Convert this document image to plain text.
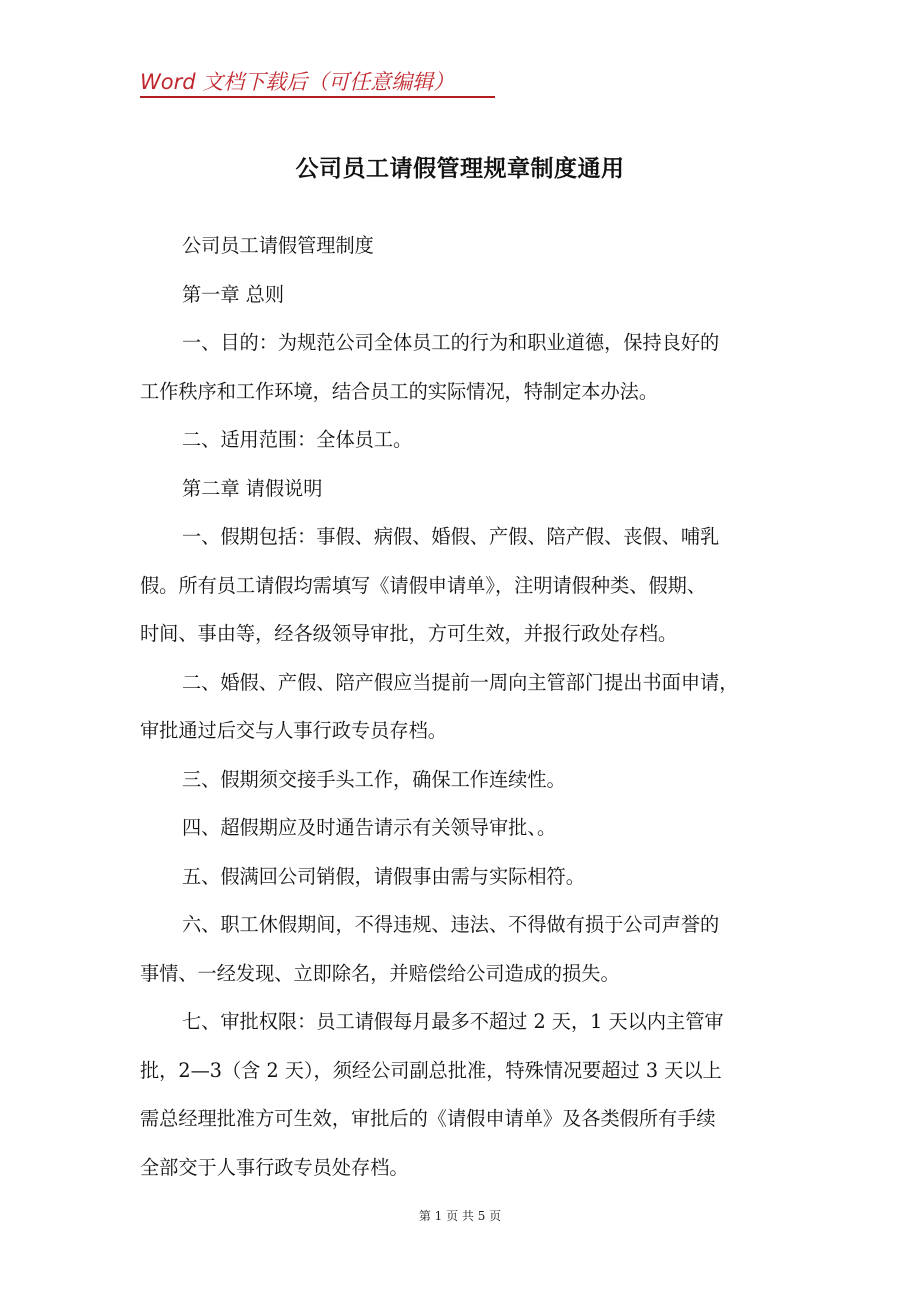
Word 文档下载后（可任意编辑）
公司员工请假管理规章制度通用
公司员工请假管理制度
第一章 总则
一、目的：为规范公司全体员工的行为和职业道德，保持良好的
工作秩序和工作环境，结合员工的实际情况，特制定本办法。
二、适用范围：全体员工。
第二章 请假说明
一、假期包括：事假、病假、婚假、产假、陪产假、丧假、哺乳
假。所有员工请假均需填写《请假申请单》，注明请假种类、假期、
时间、事由等，经各级领导审批，方可生效，并报行政处存档。
二、婚假、产假、陪产假应当提前一周向主管部门提出书面申请，
审批通过后交与人事行政专员存档。
三、假期须交接手头工作，确保工作连续性。
四、超假期应及时通告请示有关领导审批、。
五、假满回公司销假，请假事由需与实际相符。
六、职工休假期间，不得违规、违法、不得做有损于公司声誉的
事情、一经发现、立即除名，并赔偿给公司造成的损失。
七、审批权限：员工请假每月最多不超过 2 天，1 天以内主管审
批，2—3（含 2 天），须经公司副总批准，特殊情况要超过 3 天以上
需总经理批准方可生效，审批后的《请假申请单》及各类假所有手续
全部交于人事行政专员处存档。
第 1 页 共 5 页
